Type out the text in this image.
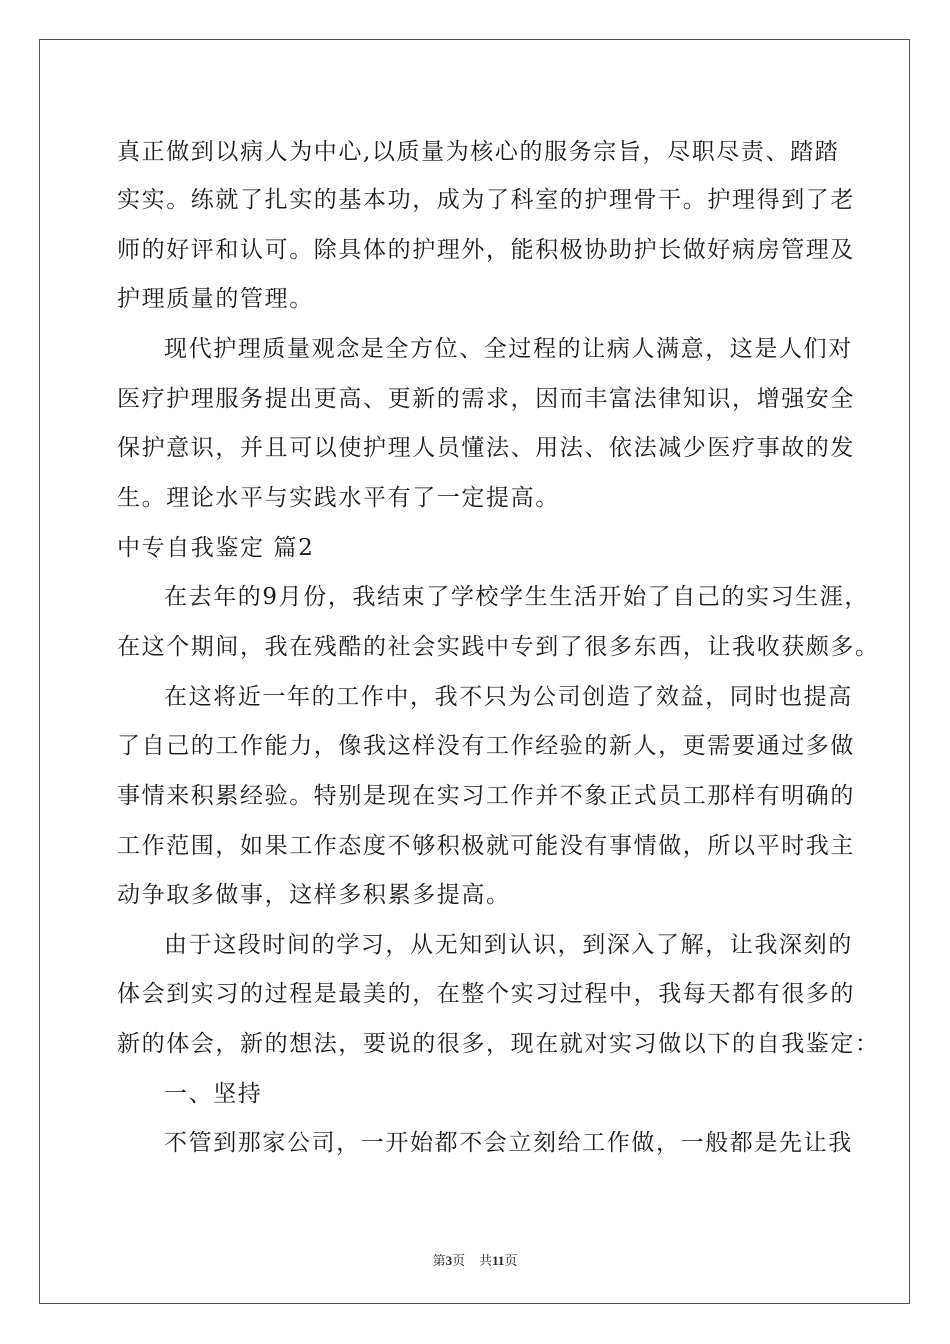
真正做到以病人为中心,以质量为核心的服务宗旨，尽职尽责、踏踏
实实。练就了扎实的基本功，成为了科室的护理骨干。护理得到了老
师的好评和认可。除具体的护理外，能积极协助护长做好病房管理及
护理质量的管理。
现代护理质量观念是全方位、全过程的让病人满意，这是人们对
医疗护理服务提出更高、更新的需求，因而丰富法律知识，增强安全
保护意识，并且可以使护理人员懂法、用法、依法减少医疗事故的发
生。理论水平与实践水平有了一定提高。
中专自我鉴定 篇2
在去年的9月份，我结束了学校学生生活开始了自己的实习生涯，
在这个期间，我在残酷的社会实践中专到了很多东西，让我收获颇多。
在这将近一年的工作中，我不只为公司创造了效益，同时也提高
了自己的工作能力，像我这样没有工作经验的新人，更需要通过多做
事情来积累经验。特别是现在实习工作并不象正式员工那样有明确的
工作范围，如果工作态度不够积极就可能没有事情做，所以平时我主
动争取多做事，这样多积累多提高。
由于这段时间的学习，从无知到认识，到深入了解，让我深刻的
体会到实习的过程是最美的，在整个实习过程中，我每天都有很多的
新的体会，新的想法，要说的很多，现在就对实习做以下的自我鉴定：
一、坚持
不管到那家公司，一开始都不会立刻给工作做，一般都是先让我
第3页 共11页
